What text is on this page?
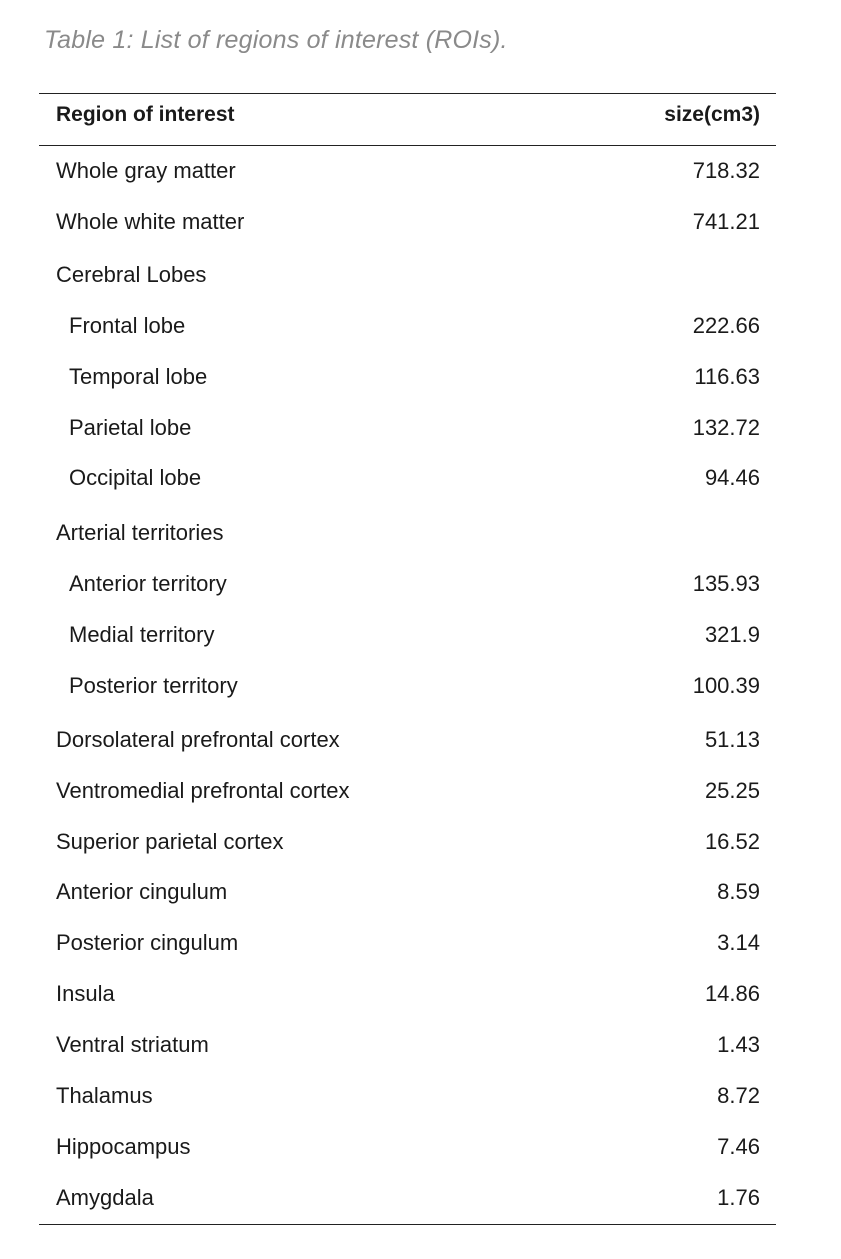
Table 1: List of regions of interest (ROIs).
Region of interest	size(cm3)
Whole gray matter	718.32
Whole white matter	741.21
Cerebral Lobes
Frontal lobe	222.66
Temporal lobe	116.63
Parietal lobe	132.72
Occipital lobe	94.46
Arterial territories
Anterior territory	135.93
Medial territory	321.9
Posterior territory	100.39
Dorsolateral prefrontal cortex	51.13
Ventromedial prefrontal cortex	25.25
Superior parietal cortex	16.52
Anterior cingulum	8.59
Posterior cingulum	3.14
Insula	14.86
Ventral striatum	1.43
Thalamus	8.72
Hippocampus	7.46
Amygdala	1.76
